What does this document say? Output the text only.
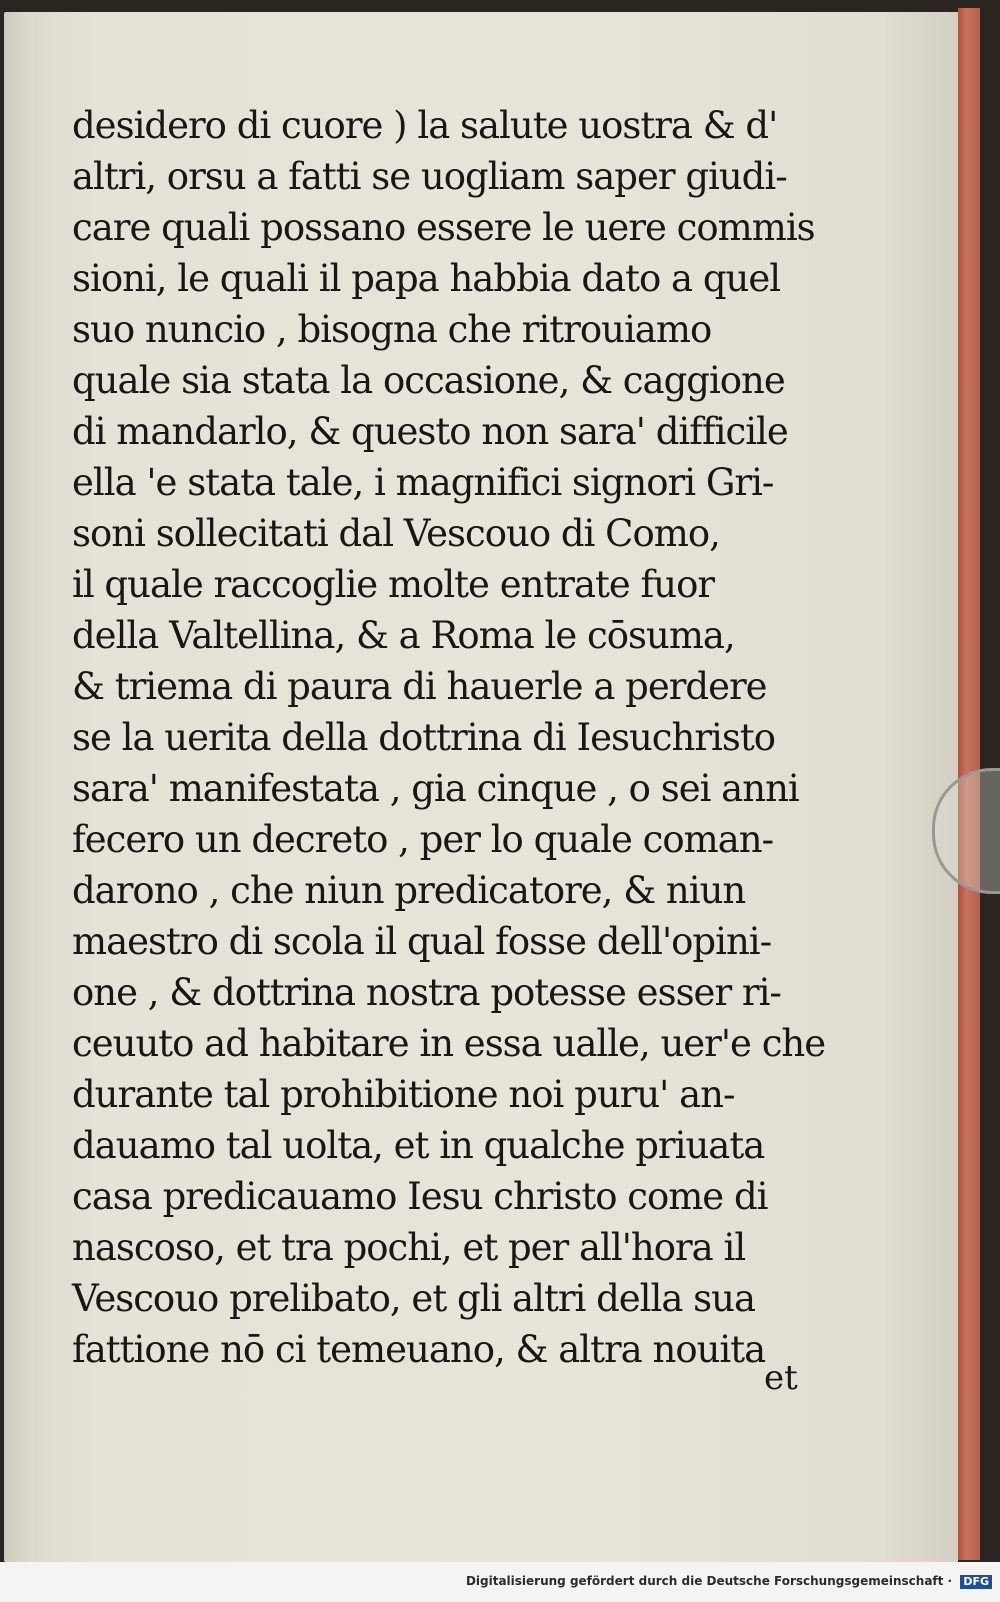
desidero di cuore ) la salute uostra & d'
altri, orsu a fatti se uogliam saper giudi-
care quali possano essere le uere commis
sioni, le quali il papa habbia dato a quel
suo nuncio , bisogna che ritrouiamo
quale sia stata la occasione, & caggione
di mandarlo, & questo non sara' difficile
ella 'e stata tale, i magnifici signori Gri-
soni sollecitati dal Vescouo di Como,
il quale raccoglie molte entrate fuor
della Valtellina, & a Roma le cōsuma,
& triema di paura di hauerle a perdere
se la uerita della dottrina di Iesuchristo
sara' manifestata , gia cinque , o sei anni
fecero un decreto , per lo quale coman-
darono , che niun predicatore, & niun
maestro di scola il qual fosse dell'opini-
one , & dottrina nostra potesse esser ri-
ceuuto ad habitare in essa ualle, uer'e che
durante tal prohibitione noi puru' an-
dauamo tal uolta, et in qualche priuata
casa predicauamo Iesu christo come di
nascoso, et tra pochi, et per all'hora il
Vescouo prelibato, et gli altri della sua
fattione nō ci temeuano, & altra nouita
et
Digitalisierung gefördert durch die Deutsche Forschungsgemeinschaft · DFG
